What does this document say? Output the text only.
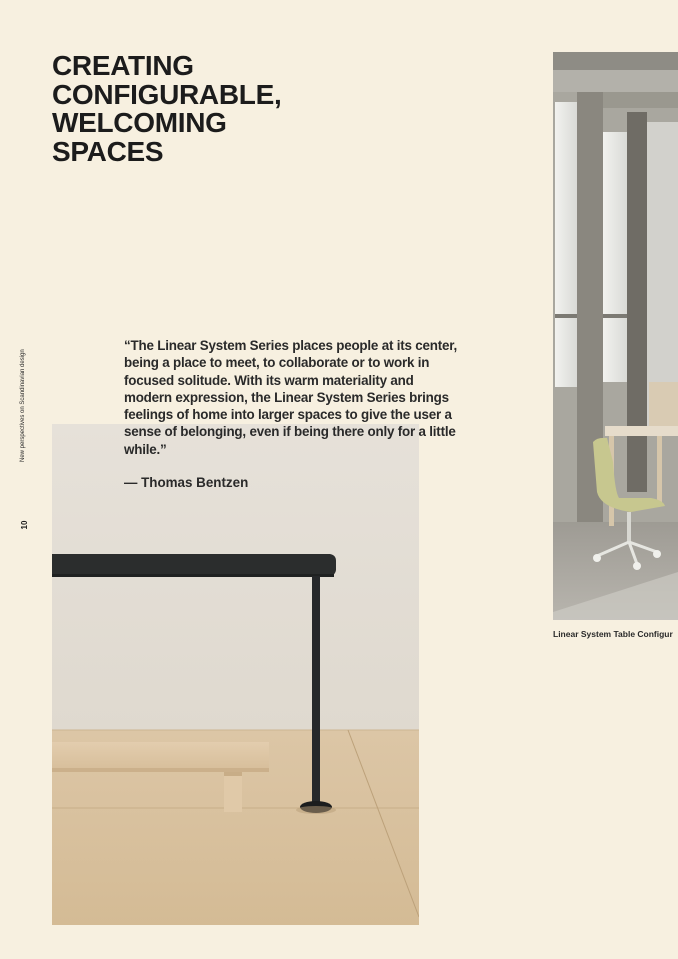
CREATING
CONFIGURABLE,
WELCOMING
SPACES
New perspectives on Scandinavian design
10

“The Linear System Series places people at its center, being a place to meet, to collaborate or to work in focused solitude. With its warm materiality and modern expression, the Linear System Series brings feelings of home into larger spaces to give the user a sense of belonging, even if being there only for a little while.”

— Thomas Bentzen

Linear System Table Configur
